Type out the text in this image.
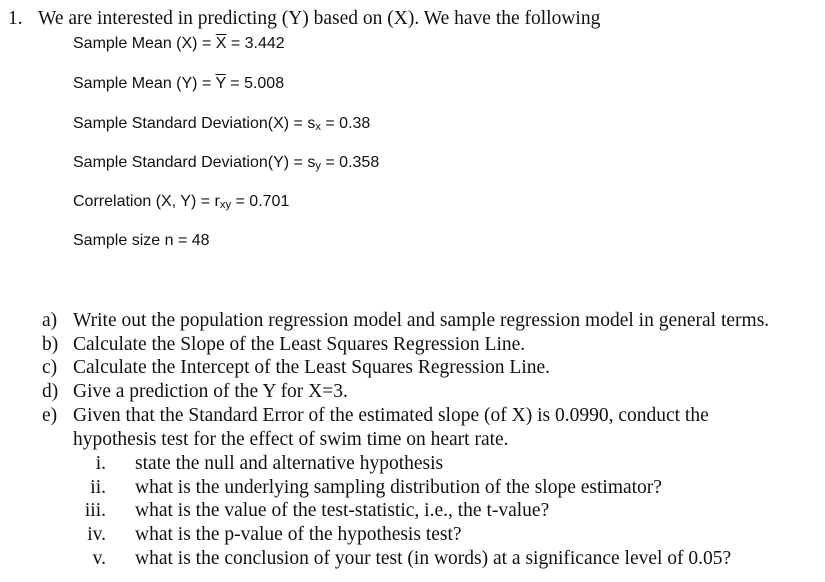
1. We are interested in predicting (Y) based on (X). We have the following
Sample Mean $(X) = \overline{X} = 3.442$
Sample Mean $(Y) = \overline{Y} = 5.008$
Sample Standard Deviation(X) = $s_x = 0.38$
Sample Standard Deviation(Y) = $s_y = 0.358$
Correlation (X, $Y) = r_{xy} = 0.701$
Sample size n = 48
a) Write out the population regression model and sample regression model in general terms.
b) Calculate the Slope of the Least Squares Regression Line.
c) Calculate the Intercept of the Least Squares Regression Line.
d) Give a prediction of the Y for X=3.
e) Given that the Standard Error of the estimated slope (of X) is 0.0990, conduct the
hypothesis test for the effect of swim time on heart rate.
i. state the null and alternative hypothesis
ii. what is the underlying sampling distribution of the slope estimator?
iii. what is the value of the test-statistic, i.e., the t-value?
iv. what is the p-value of the hypothesis test?
v. what is the conclusion of your test (in words) at a significance level of 0.05?
